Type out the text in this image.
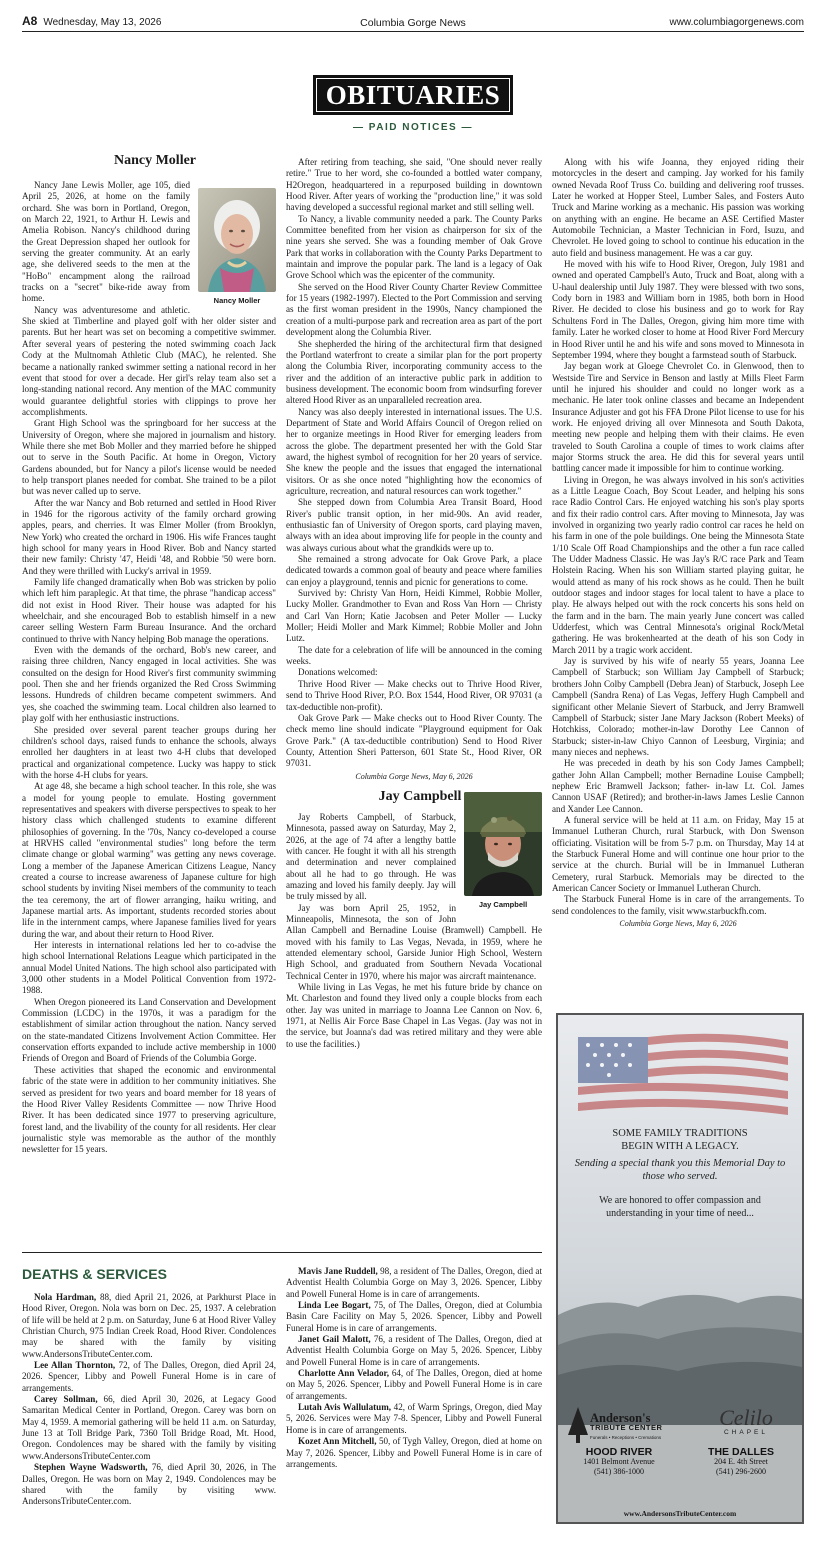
A8 Wednesday, May 13, 2026	Columbia Gorge News	www.columbiagorgenews.com
OBITUARIES
— PAID NOTICES —

Nancy Moller

Nancy Moller

Nancy Jane Lewis Moller, age 105, died April 25, 2026, at home on the family orchard. She was born in Portland, Oregon, on March 22, 1921, to Arthur H. Lewis and Amelia Robison. Nancy's childhood during the Great Depression shaped her outlook for serving the greater community. At an early age, she delivered seeds to the men at the "HoBo" encampment along the railroad tracks on a "secret" bike-ride away from home.

Nancy was adventuresome and athletic. She skied at Timberline and played golf with her older sister and parents. But her heart was set on becoming a competitive swimmer. After several years of pestering the noted swimming coach Jack Cody at the Multnomah Athletic Club (MAC), he relented. She became a nationally ranked swimmer setting a national record in her event that stood for over a decade. Her girl's relay team also set a long-standing national record. Any mention of the MAC community would guarantee delightful stories with clippings to prove her accomplishments.

Grant High School was the springboard for her success at the University of Oregon, where she majored in journalism and history. While there she met Bob Moller and they married before he shipped out to serve in the South Pacific. At home in Oregon, Victory Gardens abounded, but for Nancy a pilot's license would be needed to help transport planes needed for combat. She trained to be a pilot but was never called up to serve.

After the war Nancy and Bob returned and settled in Hood River in 1946 for the rigorous activity of the family orchard growing apples, pears, and cherries. It was Elmer Moller (from Brooklyn, New York) who created the orchard in 1906. His wife Frances taught high school for many years in Hood River. Bob and Nancy started their new family: Christy '47, Heidi '48, and Robbie '50 were born. And they were thrilled with Lucky's arrival in 1959.

Family life changed dramatically when Bob was stricken by polio which left him paraplegic. At that time, the phrase "handicap access" did not exist in Hood River. Their house was adapted for his wheelchair, and she encouraged Bob to establish himself in a new career selling Western Farm Bureau Insurance. And the orchard continued to thrive with Nancy helping Bob manage the operations.

Even with the demands of the orchard, Bob's new career, and raising three children, Nancy engaged in local activities. She was consulted on the design for Hood River's first community swimming pool. Then she and her friends organized the Red Cross Swimming lessons. Hundreds of children became competent swimmers. And yes, she coached the swimming team. Local children also learned to play golf with her enthusiastic instructions.

She presided over several parent teacher groups during her children's school days, raised funds to enhance the schools, always enrolled her daughters in at least two 4-H clubs that developed practical and organizational competence. Lucky was happy to stick with the horse 4-H clubs for years.

At age 48, she became a high school teacher. In this role, she was a model for young people to emulate. Hosting government representatives and speakers with diverse perspectives to speak to her history class which challenged students to examine different philosophies of governing. In the '70s, Nancy co-developed a course at HRVHS called "environmental studies" long before the term climate change or global warming" was getting any news coverage. Long a member of the Japanese American Citizens League, Nancy created a course to increase awareness of Japanese culture for high school students by inviting Nisei members of the community to teach the tea ceremony, the art of flower arranging, haiku writing, and Japanese martial arts. As important, students recorded stories about life in the internment camps, where Japanese families lived for years during the war, and about their return to Hood River.

Her interests in international relations led her to co-advise the high school International Relations League which participated in the annual Model United Nations. The high school also participated with 3,000 other students in a Model Political Convention from 1972-1988.

When Oregon pioneered its Land Conservation and Development Commission (LCDC) in the 1970s, it was a paradigm for the establishment of similar action throughout the nation. Nancy served on the state-mandated Citizens Involvement Action Committee. Her conservation efforts expanded to include active membership in 1000 Friends of Oregon and Board of Friends of the Columbia Gorge.

These activities that shaped the economic and environmental fabric of the state were in addition to her community initiatives. She served as president for two years and board member for 18 years of the Hood River Valley Residents Committee — now Thrive Hood River. It has been dedicated since 1977 to preserving agriculture, forest land, and the livability of the county for all residents. Her clear journalistic style was memorable as the author of the monthly newsletter for 15 years.

After retiring from teaching, she said, "One should never really retire." True to her word, she co-founded a bottled water company, H2Oregon, headquartered in a repurposed building in downtown Hood River. After years of working the "production line," it was sold having developed a successful regional market and still selling well.

To Nancy, a livable community needed a park. The County Parks Committee benefited from her vision as chairperson for six of the nine years she served. She was a founding member of Oak Grove Park that works in collaboration with the County Parks Department to maintain and improve the popular park. The land is a legacy of Oak Grove School which was the epicenter of the community.

She served on the Hood River County Charter Review Committee for 15 years (1982-1997). Elected to the Port Commission and serving as the first woman president in the 1990s, Nancy championed the creation of a multi-purpose park and recreation area as part of the port development along the Columbia River.

She shepherded the hiring of the architectural firm that designed the Portland waterfront to create a similar plan for the port property along the Columbia River, incorporating community access to the river and the addition of an interactive public park in addition to business development. The economic boom from windsurfing forever altered Hood River as an unparalleled recreation area.

Nancy was also deeply interested in international issues. The U.S. Department of State and World Affairs Council of Oregon relied on her to organize meetings in Hood River for emerging leaders from across the globe. The department presented her with the Gold Star award, the highest symbol of recognition for her 20 years of service. She knew the people and the issues that engaged the international visitors. Or as she once noted "highlighting how the economics of agriculture, recreation, and natural resources can work together."

She stepped down from Columbia Area Transit Board, Hood River's public transit option, in her mid-90s. An avid reader, enthusiastic fan of University of Oregon sports, card playing maven, always with an idea about improving life for people in the county and was always curious about what the grandkids were up to.

She remained a strong advocate for Oak Grove Park, a place dedicated towards a common goal of beauty and peace where families can enjoy a playground, tennis and picnic for generations to come.

Survived by: Christy Van Horn, Heidi Kimmel, Robbie Moller, Lucky Moller. Grandmother to Evan and Ross Van Horn — Christy and Carl Van Horn; Katie Jacobsen and Peter Moller — Lucky Moller; Heidi Moller and Mark Kimmel; Robbie Moller and John Lutz.

The date for a celebration of life will be announced in the coming weeks.

Donations welcomed:

Thrive Hood River — Make checks out to Thrive Hood River, send to Thrive Hood River, P.O. Box 1544, Hood River, OR 97031 (a tax-deductible non-profit).

Oak Grove Park — Make checks out to Hood River County. The check memo line should indicate "Playground equipment for Oak Grove Park." (A tax-deductible contribution) Send to Hood River County, Attention Sheri Patterson, 601 State St., Hood River, OR 97031.

Columbia Gorge News, May 6, 2026

Jay Campbell

Jay Campbell

Jay Roberts Campbell, of Starbuck, Minnesota, passed away on Saturday, May 2, 2026, at the age of 74 after a lengthy battle with cancer. He fought it with all his strength and determination and never complained about all he had to go through. He was amazing and loved his family deeply. Jay will be truly missed by all.

Jay was born April 25, 1952, in Minneapolis, Minnesota, the son of John Allan Campbell and Bernadine Louise (Bramwell) Campbell. He moved with his family to Las Vegas, Nevada, in 1959, where he attended elementary school, Garside Junior High School, Western High School, and graduated from Southern Nevada Vocational Technical Center in 1970, where his major was aircraft maintenance.

While living in Las Vegas, he met his future bride by chance on Mt. Charleston and found they lived only a couple blocks from each other. Jay was united in marriage to Joanna Lee Cannon on Nov. 6, 1971, at Nellis Air Force Base Chapel in Las Vegas. (Jay was not in the service, but Joanna's dad was retired military and they were able to use the facilities.)

Along with his wife Joanna, they enjoyed riding their motorcycles in the desert and camping. Jay worked for his family owned Nevada Roof Truss Co. building and delivering roof trusses. Later he worked at Hopper Steel, Lumber Sales, and Fosters Auto Truck and Marine working as a mechanic. His passion was working on anything with an engine. He became an ASE Certified Master Automobile Technician, a Master Technician in Ford, Isuzu, and Chevrolet. He loved going to school to continue his education in the auto field and business management. He was a car guy.

He moved with his wife to Hood River, Oregon, July 1981 and owned and operated Campbell's Auto, Truck and Boat, along with a U-haul dealership until July 1987. They were blessed with two sons, Cody born in 1983 and William born in 1985, both born in Hood River. He decided to close his business and go to work for Ray Schultens Ford in The Dalles, Oregon, giving him more time with family. Later he worked closer to home at Hood River Ford Mercury in Hood River until he and his wife and sons moved to Minnesota in September 1994, where they bought a farmstead south of Starbuck.

Jay began work at Gloege Chevrolet Co. in Glenwood, then to Westside Tire and Service in Benson and lastly at Mills Fleet Farm until he injured his shoulder and could no longer work as a mechanic. He later took online classes and became an Independent Insurance Adjuster and got his FFA Drone Pilot license to use for his work. He enjoyed driving all over Minnesota and South Dakota, meeting new people and helping them with their claims. He even traveled to South Carolina a couple of times to work claims after major Storms struck the area. He did this for several years until battling cancer made it impossible for him to continue working.

Living in Oregon, he was always involved in his son's activities as a Little League Coach, Boy Scout Leader, and helping his sons race Radio Control Cars. He enjoyed watching his son's play sports and fix their radio control cars. After moving to Minnesota, Jay was involved in organizing two yearly radio control car races he held on his farm in one of the pole buildings. One being the Minnesota State 1/10 Scale Off Road Championships and the other a fun race called The Udder Madness Classic. He was Jay's R/C race Park and Team Holstein Racing. When his son William started playing guitar, he would attend as many of his rock shows as he could. Then he built outdoor stages and indoor stages for local talent to have a place to play. He always helped out with the rock concerts his sons held on the farm and in the barn. The main yearly June concert was called Udderfest, which was Central Minnesota's original Rock/Metal gathering. He was brokenhearted at the death of his son Cody in March 2011 by a tragic work accident.

Jay is survived by his wife of nearly 55 years, Joanna Lee Campbell of Starbuck; son William Jay Campbell of Starbuck; brothers John Colby Campbell (Debra Jean) of Starbuck, Joseph Lee Campbell (Sandra Rena) of Las Vegas, Jeffery Hugh Campbell and significant other Melanie Sievert of Starbuck, and Jerry Bramwell Campbell of Starbuck; sister Jane Mary Jackson (Robert Meeks) of Hotchkiss, Colorado; mother-in-law Dorothy Lee Cannon of Starbuck; sister-in-law Chiyo Cannon of Leesburg, Virginia; and many nieces and nephews.

He was preceded in death by his son Cody James Campbell; gather John Allan Campbell; mother Bernadine Louise Campbell; nephew Eric Bramwell Jackson; father- in-law Lt. Col. James Cannon USAF (Retired); and brother-in-laws James Leslie Cannon and Xander Lee Cannon.

A funeral service will be held at 11 a.m. on Friday, May 15 at Immanuel Lutheran Church, rural Starbuck, with Don Swenson officiating. Visitation will be from 5-7 p.m. on Thursday, May 14 at the Starbuck Funeral Home and will continue one hour prior to the service at the church. Burial will be in Immanuel Lutheran Cemetery, rural Starbuck. Memorials may be directed to the American Cancer Society or Immanuel Lutheran Church.

The Starbuck Funeral Home is in care of the arrangements. To send condolences to the family, visit www.starbuckfh.com.

Columbia Gorge News, May 6, 2026

DEATHS & SERVICES

Nola Hardman, 88, died April 21, 2026, at Parkhurst Place in Hood River, Oregon. Nola was born on Dec. 25, 1937. A celebration of life will be held at 2 p.m. on Saturday, June 6 at Hood River Valley Christian Church, 975 Indian Creek Road, Hood River. Condolences may be shared with the family by visiting www.AndersonsTributeCenter.com.

Lee Allan Thornton, 72, of The Dalles, Oregon, died April 24, 2026. Spencer, Libby and Powell Funeral Home is in care of arrangements.

Carey Sollman, 66, died April 30, 2026, at Legacy Good Samaritan Medical Center in Portland, Oregon. Carey was born on May 4, 1959. A memorial gathering will be held 11 a.m. on Saturday, June 13 at Toll Bridge Park, 7360 Toll Bridge Road, Mt. Hood, Oregon. Condolences may be shared with the family by visiting www.AndersonsTributeCenter.com

Stephen Wayne Wadsworth, 76, died April 30, 2026, in The Dalles, Oregon. He was born on May 2, 1949. Condolences may be shared with the family by visiting www. AndersonsTributeCenter.com.

Mavis Jane Ruddell, 98, a resident of The Dalles, Oregon, died at Adventist Health Columbia Gorge on May 3, 2026. Spencer, Libby and Powell Funeral Home is in care of arrangements.

Linda Lee Bogart, 75, of The Dalles, Oregon, died at Columbia Basin Care Facility on May 5, 2026. Spencer, Libby and Powell Funeral Home is in care of arrangements.

Janet Gail Malott, 76, a resident of The Dalles, Oregon, died at Adventist Health Columbia Gorge on May 5, 2026. Spencer, Libby and Powell Funeral Home is in care of arrangements.

Charlotte Ann Velador, 64, of The Dalles, Oregon, died at home on May 5, 2026. Spencer, Libby and Powell Funeral Home is in care of arrangements.

Lutah Avis Wallulatum, 42, of Warm Springs, Oregon, died May 5, 2026. Services were May 7-8. Spencer, Libby and Powell Funeral Home is in care of arrangements.

Kozet Ann Mitchell, 50, of Tygh Valley, Oregon, died at home on May 7, 2026. Spencer, Libby and Powell Funeral Home is in care of arrangements.

SOME FAMILY TRADITIONS BEGIN WITH A LEGACY.
Sending a special thank you this Memorial Day to those who served.
We are honored to offer compassion and understanding in your time of need...
Anderson's
TRIBUTE CENTER
Funerals • Receptions • Cremations
Celilo
CHAPEL
HOOD RIVER
1401 Belmont Avenue
(541) 386-1000
THE DALLES
204 E. 4th Street
(541) 296-2600
www.AndersonsTributeCenter.com
